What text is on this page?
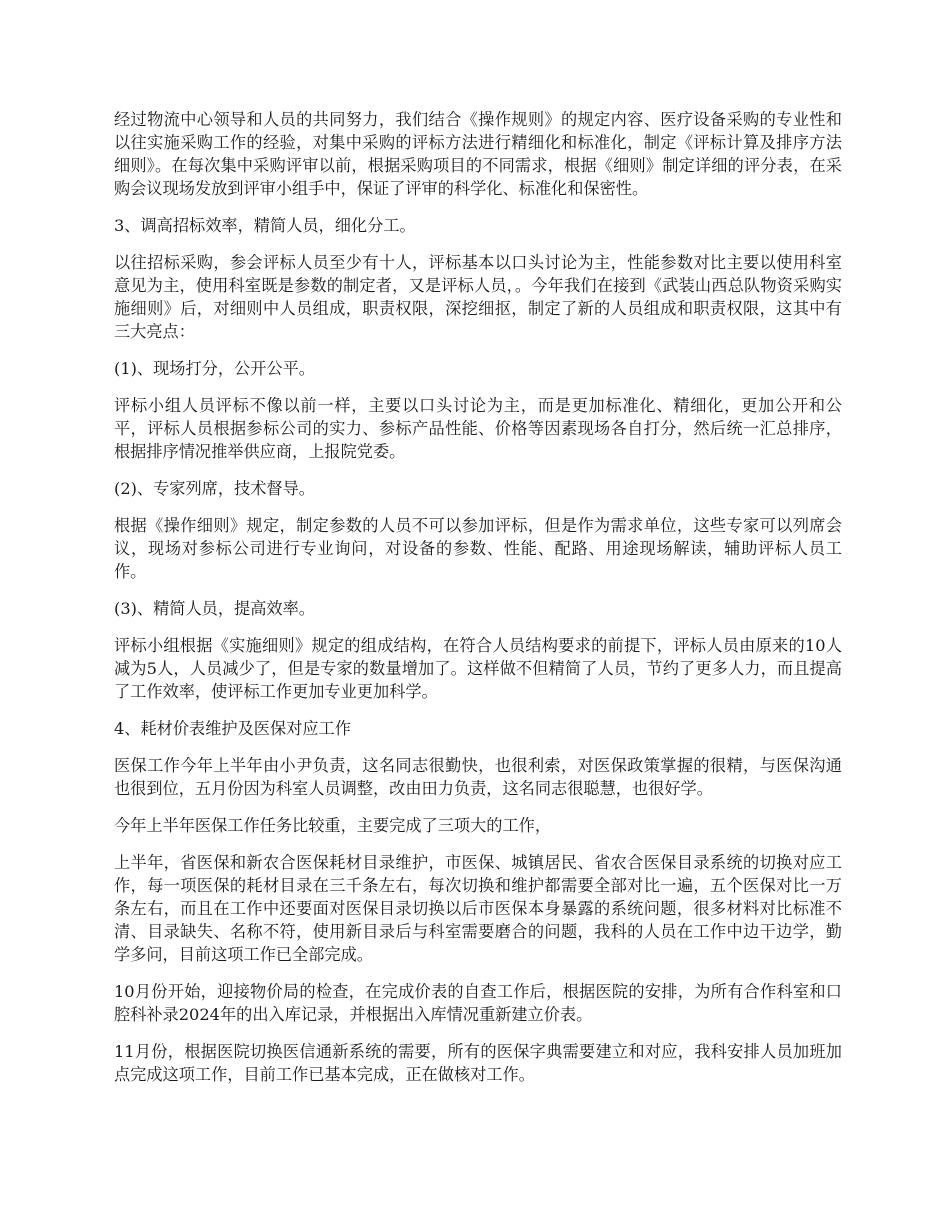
经过物流中心领导和人员的共同努力，我们结合《操作规则》的规定内容、医疗设备采购的专业性和以往实施采购工作的经验，对集中采购的评标方法进行精细化和标准化，制定《评标计算及排序方法细则》。在每次集中采购评审以前，根据采购项目的不同需求，根据《细则》制定详细的评分表，在采购会议现场发放到评审小组手中，保证了评审的科学化、标准化和保密性。

3、调高招标效率，精简人员，细化分工。

以往招标采购，参会评标人员至少有十人，评标基本以口头讨论为主，性能参数对比主要以使用科室意见为主，使用科室既是参数的制定者，又是评标人员，。今年我们在接到《武装山西总队物资采购实施细则》后，对细则中人员组成，职责权限，深挖细抠，制定了新的人员组成和职责权限，这其中有三大亮点：

(1)、现场打分，公开公平。

评标小组人员评标不像以前一样，主要以口头讨论为主，而是更加标准化、精细化，更加公开和公平，评标人员根据参标公司的实力、参标产品性能、价格等因素现场各自打分，然后统一汇总排序，根据排序情况推举供应商，上报院党委。

(2)、专家列席，技术督导。

根据《操作细则》规定，制定参数的人员不可以参加评标，但是作为需求单位，这些专家可以列席会议，现场对参标公司进行专业询问，对设备的参数、性能、配路、用途现场解读，辅助评标人员工作。

(3)、精简人员，提高效率。

评标小组根据《实施细则》规定的组成结构，在符合人员结构要求的前提下，评标人员由原来的10人减为5人，人员减少了，但是专家的数量增加了。这样做不但精简了人员，节约了更多人力，而且提高了工作效率，使评标工作更加专业更加科学。

4、耗材价表维护及医保对应工作

医保工作今年上半年由小尹负责，这名同志很勤快，也很利索，对医保政策掌握的很精，与医保沟通也很到位，五月份因为科室人员调整，改由田力负责，这名同志很聪慧，也很好学。

今年上半年医保工作任务比较重，主要完成了三项大的工作，

上半年，省医保和新农合医保耗材目录维护，市医保、城镇居民、省农合医保目录系统的切换对应工作，每一项医保的耗材目录在三千条左右，每次切换和维护都需要全部对比一遍，五个医保对比一万条左右，而且在工作中还要面对医保目录切换以后市医保本身暴露的系统问题，很多材料对比标准不清、目录缺失、名称不符，使用新目录后与科室需要磨合的问题，我科的人员在工作中边干边学，勤学多问，目前这项工作已全部完成。

10月份开始，迎接物价局的检查，在完成价表的自查工作后，根据医院的安排，为所有合作科室和口腔科补录2024年的出入库记录，并根据出入库情况重新建立价表。

11月份，根据医院切换医信通新系统的需要，所有的医保字典需要建立和对应，我科安排人员加班加点完成这项工作，目前工作已基本完成，正在做核对工作。
